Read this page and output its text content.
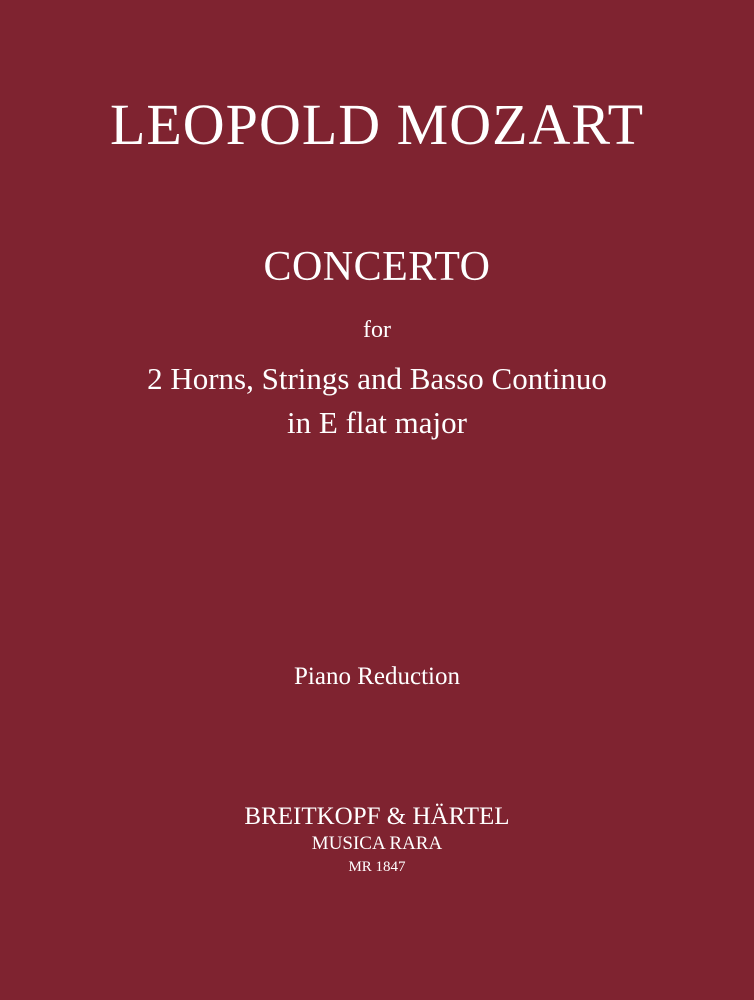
LEOPOLD MOZART
CONCERTO
for
2 Horns, Strings and Basso Continuo
in E flat major
Piano Reduction
BREITKOPF & HÄRTEL
MUSICA RARA
MR 1847
